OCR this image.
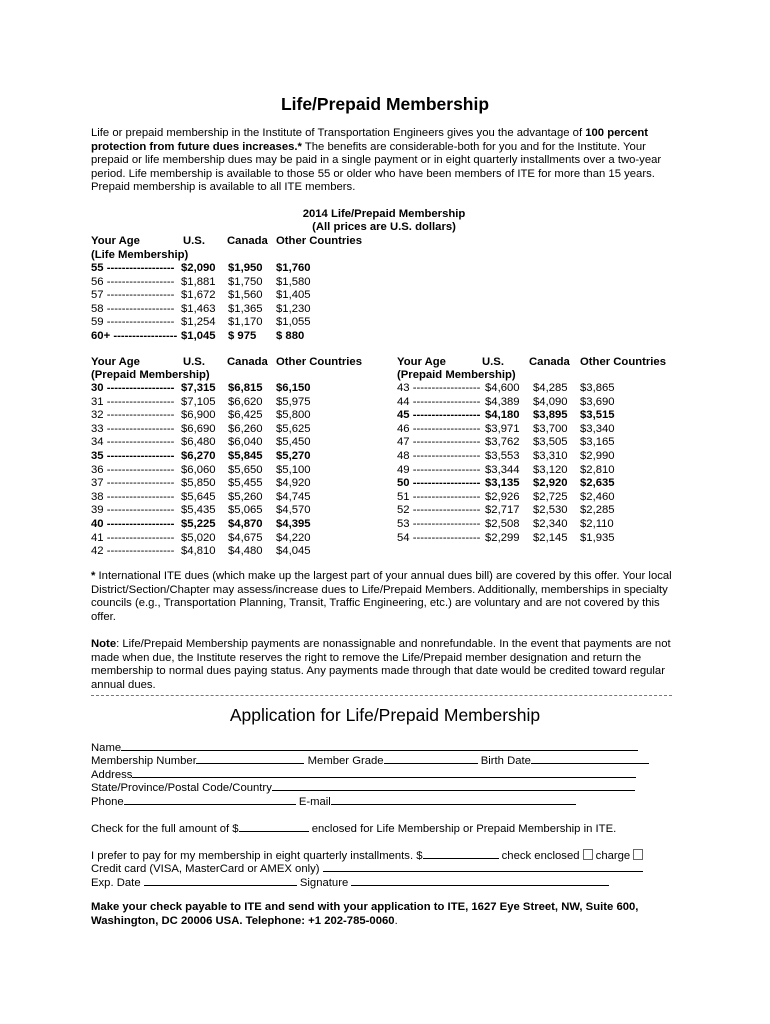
Life/Prepaid Membership
Life or prepaid membership in the Institute of Transportation Engineers gives you the advantage of 100 percent protection from future dues increases.* The benefits are considerable-both for you and for the Institute. Your prepaid or life membership dues may be paid in a single payment or in eight quarterly installments over a two-year period. Life membership is available to those 55 or older who have been members of ITE for more than 15 years. Prepaid membership is available to all ITE members.
2014 Life/Prepaid Membership
(All prices are U.S. dollars)
Your Age	U.S. Canada Other Countries
(Life Membership)
55 ------------------ $2,090 $1,950 $1,760
56 ------------------ $1,881 $1,750 $1,580
57 ------------------ $1,672 $1,560 $1,405
58 ------------------ $1,463 $1,365 $1,230
59 ------------------ $1,254 $1,170 $1,055
60+ ----------------- $1,045 $ 975 $ 880
Your Age	U.S. Canada Other Countries
(Prepaid Membership)
Your Age	U.S. Canada Other Countries
(Prepaid Membership)
30 ------------------ $7,315 $6,815 $6,150
31 ------------------ $7,105 $6,620 $5,975
32 ------------------ $6,900 $6,425 $5,800
33 ------------------ $6,690 $6,260 $5,625
34 ------------------ $6,480 $6,040 $5,450
35 ------------------ $6,270 $5,845 $5,270
36 ------------------ $6,060 $5,650 $5,100
37 ------------------ $5,850 $5,455 $4,920
38 ------------------ $5,645 $5,260 $4,745
39 ------------------ $5,435 $5,065 $4,570
40 ------------------ $5,225 $4,870 $4,395
41 ------------------ $5,020 $4,675 $4,220
42 ------------------ $4,810 $4,480 $4,045
43 ------------------ $4,600 $4,285 $3,865
44 ------------------ $4,389 $4,090 $3,690
45 ------------------ $4,180 $3,895 $3,515
46 ------------------ $3,971 $3,700 $3,340
47 ------------------ $3,762 $3,505 $3,165
48 ------------------ $3,553 $3,310 $2,990
49 ------------------ $3,344 $3,120 $2,810
50 ------------------ $3,135 $2,920 $2,635
51 ------------------ $2,926 $2,725 $2,460
52 ------------------ $2,717 $2,530 $2,285
53 ------------------ $2,508 $2,340 $2,110
54 ------------------ $2,299 $2,145 $1,935
* International ITE dues (which make up the largest part of your annual dues bill) are covered by this offer. Your local District/Section/Chapter may assess/increase dues to Life/Prepaid Members. Additionally, memberships in specialty councils (e.g., Transportation Planning, Transit, Traffic Engineering, etc.) are voluntary and are not covered by this offer.
Note: Life/Prepaid Membership payments are nonassignable and nonrefundable. In the event that payments are not made when due, the Institute reserves the right to remove the Life/Prepaid member designation and return the membership to normal dues paying status. Any payments made through that date would be credited toward regular annual dues.
Application for Life/Prepaid Membership
Name
Membership Number	Member Grade	Birth Date
Address
State/Province/Postal Code/Country
Phone	E-mail
Check for the full amount of $	enclosed for Life Membership or Prepaid Membership in ITE.
I prefer to pay for my membership in eight quarterly installments. $	check enclosed charge
Credit card (VISA, MasterCard or AMEX only)
Exp. Date	Signature
Make your check payable to ITE and send with your application to ITE, 1627 Eye Street, NW, Suite 600, Washington, DC 20006 USA. Telephone: +1 202-785-0060.
